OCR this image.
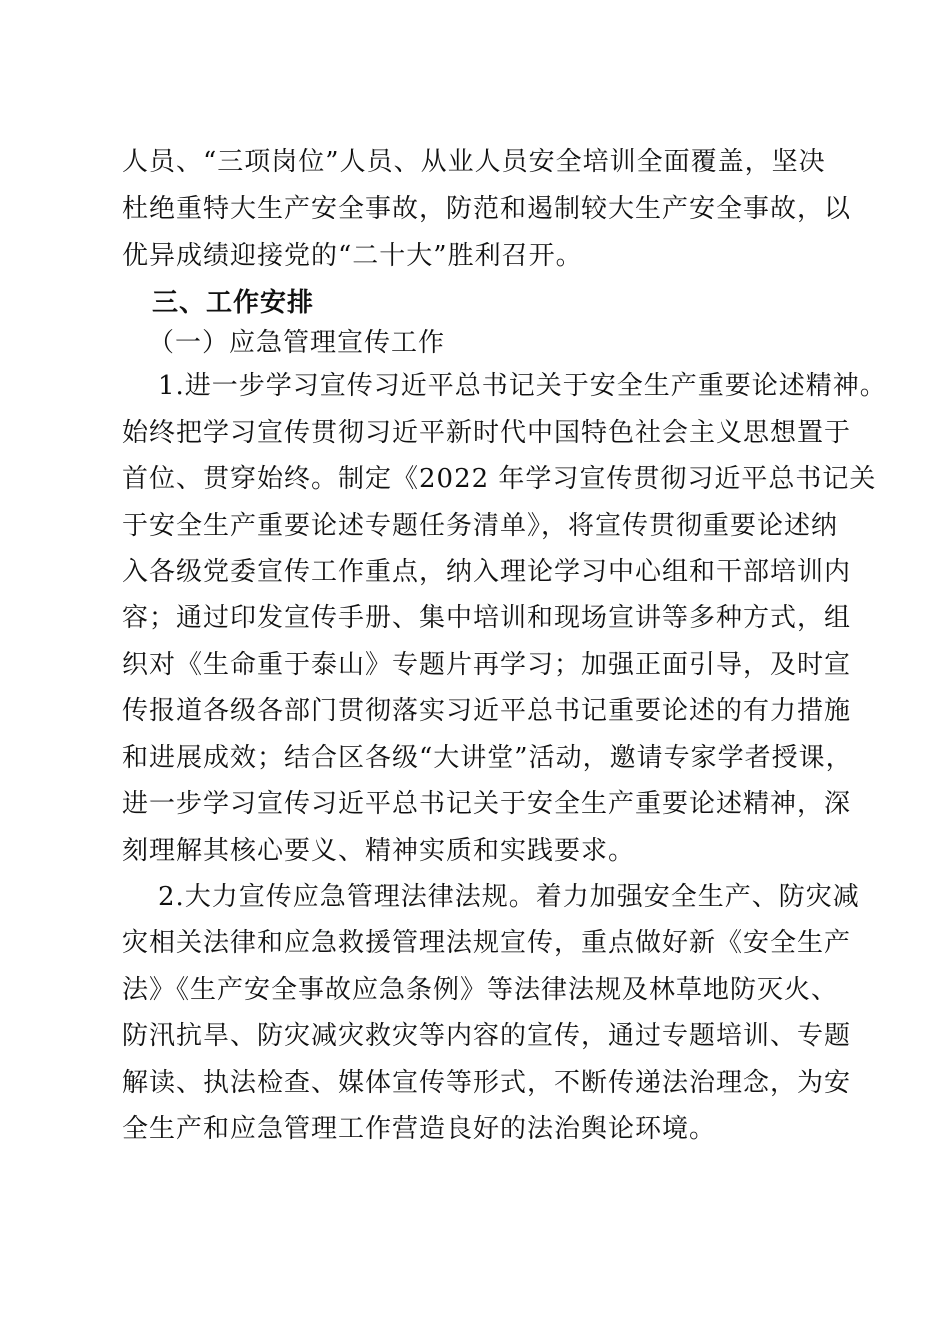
人员、“三项岗位”人员、从业人员安全培训全面覆盖，坚决
杜绝重特大生产安全事故，防范和遏制较大生产安全事故，以
优异成绩迎接党的“二十大”胜利召开。
三、工作安排
（一）应急管理宣传工作
1.进一步学习宣传习近平总书记关于安全生产重要论述精神。
始终把学习宣传贯彻习近平新时代中国特色社会主义思想置于
首位、贯穿始终。制定《2022 年学习宣传贯彻习近平总书记关
于安全生产重要论述专题任务清单》，将宣传贯彻重要论述纳
入各级党委宣传工作重点，纳入理论学习中心组和干部培训内
容；通过印发宣传手册、集中培训和现场宣讲等多种方式，组
织对《生命重于泰山》专题片再学习；加强正面引导，及时宣
传报道各级各部门贯彻落实习近平总书记重要论述的有力措施
和进展成效；结合区各级“大讲堂”活动，邀请专家学者授课，
进一步学习宣传习近平总书记关于安全生产重要论述精神，深
刻理解其核心要义、精神实质和实践要求。
2.大力宣传应急管理法律法规。着力加强安全生产、防灾减
灾相关法律和应急救援管理法规宣传，重点做好新《安全生产
法》《生产安全事故应急条例》等法律法规及林草地防灭火、
防汛抗旱、防灾减灾救灾等内容的宣传，通过专题培训、专题
解读、执法检查、媒体宣传等形式，不断传递法治理念，为安
全生产和应急管理工作营造良好的法治舆论环境。
